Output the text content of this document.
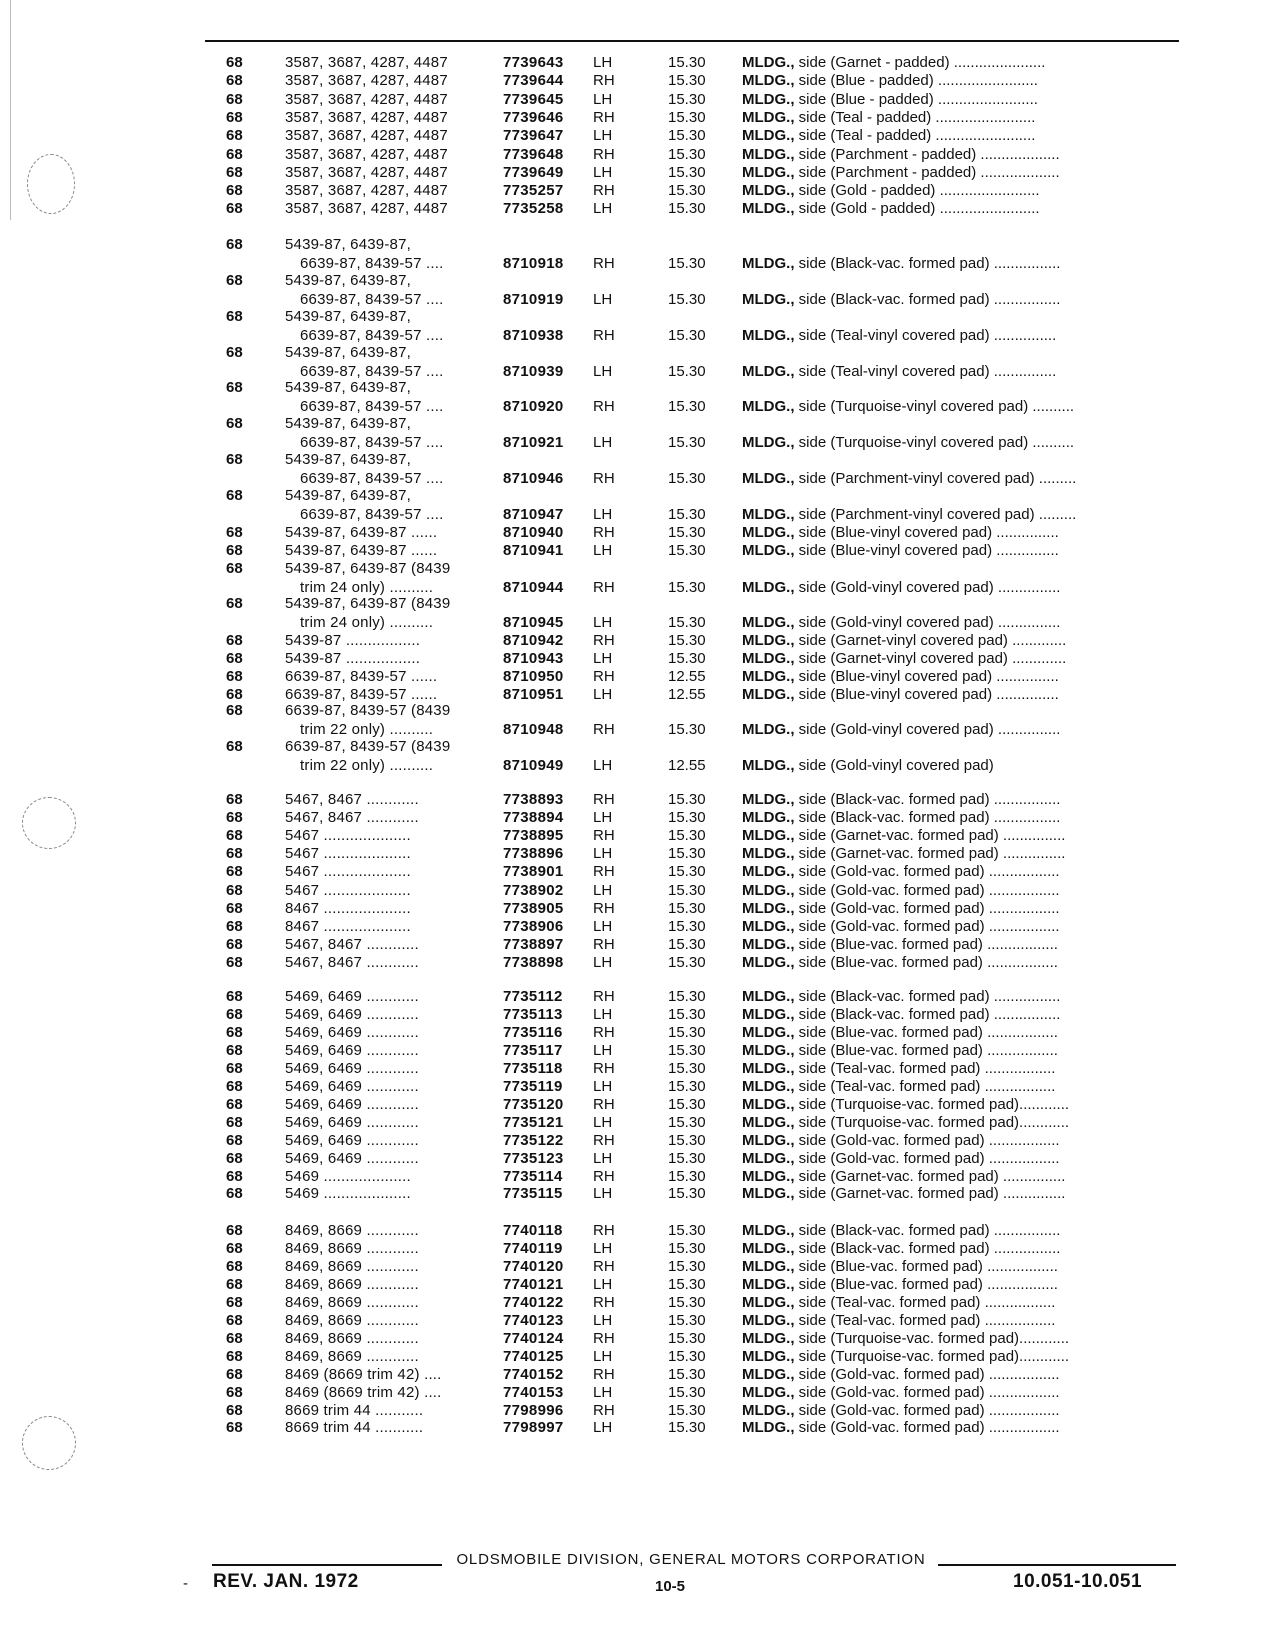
68	3587, 3687, 4287, 4487	7739643	LH	15.30	MLDG., side (Garnet - padded) ......................
68	3587, 3687, 4287, 4487	7739644	RH	15.30	MLDG., side (Blue - padded) ........................
68	3587, 3687, 4287, 4487	7739645	LH	15.30	MLDG., side (Blue - padded) ........................
68	3587, 3687, 4287, 4487	7739646	RH	15.30	MLDG., side (Teal - padded) ........................
68	3587, 3687, 4287, 4487	7739647	LH	15.30	MLDG., side (Teal - padded) ........................
68	3587, 3687, 4287, 4487	7739648	RH	15.30	MLDG., side (Parchment - padded) ...................
68	3587, 3687, 4287, 4487	7739649	LH	15.30	MLDG., side (Parchment - padded) ...................
68	3587, 3687, 4287, 4487	7735257	RH	15.30	MLDG., side (Gold - padded) ........................
68	3587, 3687, 4287, 4487	7735258	LH	15.30	MLDG., side (Gold - padded) ........................
68	5439-87, 6439-87,
6639-87, 8439-57 ....	8710918	RH	15.30	MLDG., side (Black-vac. formed pad) ................
68	5439-87, 6439-87,
6639-87, 8439-57 ....	8710919	LH	15.30	MLDG., side (Black-vac. formed pad) ................
68	5439-87, 6439-87,
6639-87, 8439-57 ....	8710938	RH	15.30	MLDG., side (Teal-vinyl covered pad) ...............
68	5439-87, 6439-87,
6639-87, 8439-57 ....	8710939	LH	15.30	MLDG., side (Teal-vinyl covered pad) ...............
68	5439-87, 6439-87,
6639-87, 8439-57 ....	8710920	RH	15.30	MLDG., side (Turquoise-vinyl covered pad) ..........
68	5439-87, 6439-87,
6639-87, 8439-57 ....	8710921	LH	15.30	MLDG., side (Turquoise-vinyl covered pad) ..........
68	5439-87, 6439-87,
6639-87, 8439-57 ....	8710946	RH	15.30	MLDG., side (Parchment-vinyl covered pad) .........
68	5439-87, 6439-87,
6639-87, 8439-57 ....	8710947	LH	15.30	MLDG., side (Parchment-vinyl covered pad) .........
68	5439-87, 6439-87 ......	8710940	RH	15.30	MLDG., side (Blue-vinyl covered pad) ...............
68	5439-87, 6439-87 ......	8710941	LH	15.30	MLDG., side (Blue-vinyl covered pad) ...............
68	5439-87, 6439-87 (8439
trim 24 only) ..........	8710944	RH	15.30	MLDG., side (Gold-vinyl covered pad) ...............
68	5439-87, 6439-87 (8439
trim 24 only) ..........	8710945	LH	15.30	MLDG., side (Gold-vinyl covered pad) ...............
68	5439-87 .................	8710942	RH	15.30	MLDG., side (Garnet-vinyl covered pad) .............
68	5439-87 .................	8710943	LH	15.30	MLDG., side (Garnet-vinyl covered pad) .............
68	6639-87, 8439-57 ......	8710950	RH	12.55	MLDG., side (Blue-vinyl covered pad) ...............
68	6639-87, 8439-57 ......	8710951	LH	12.55	MLDG., side (Blue-vinyl covered pad) ...............
68	6639-87, 8439-57 (8439
trim 22 only) ..........	8710948	RH	15.30	MLDG., side (Gold-vinyl covered pad) ...............
68	6639-87, 8439-57 (8439
trim 22 only) ..........	8710949	LH	12.55	MLDG., side (Gold-vinyl covered pad)
68	5467, 8467 ............	7738893	RH	15.30	MLDG., side (Black-vac. formed pad) ................
68	5467, 8467 ............	7738894	LH	15.30	MLDG., side (Black-vac. formed pad) ................
68	5467 ....................	7738895	RH	15.30	MLDG., side (Garnet-vac. formed pad) ...............
68	5467 ....................	7738896	LH	15.30	MLDG., side (Garnet-vac. formed pad) ...............
68	5467 ....................	7738901	RH	15.30	MLDG., side (Gold-vac. formed pad) .................
68	5467 ....................	7738902	LH	15.30	MLDG., side (Gold-vac. formed pad) .................
68	8467 ....................	7738905	RH	15.30	MLDG., side (Gold-vac. formed pad) .................
68	8467 ....................	7738906	LH	15.30	MLDG., side (Gold-vac. formed pad) .................
68	5467, 8467 ............	7738897	RH	15.30	MLDG., side (Blue-vac. formed pad) .................
68	5467, 8467 ............	7738898	LH	15.30	MLDG., side (Blue-vac. formed pad) .................
68	5469, 6469 ............	7735112	RH	15.30	MLDG., side (Black-vac. formed pad) ................
68	5469, 6469 ............	7735113	LH	15.30	MLDG., side (Black-vac. formed pad) ................
68	5469, 6469 ............	7735116	RH	15.30	MLDG., side (Blue-vac. formed pad) .................
68	5469, 6469 ............	7735117	LH	15.30	MLDG., side (Blue-vac. formed pad) .................
68	5469, 6469 ............	7735118	RH	15.30	MLDG., side (Teal-vac. formed pad) .................
68	5469, 6469 ............	7735119	LH	15.30	MLDG., side (Teal-vac. formed pad) .................
68	5469, 6469 ............	7735120	RH	15.30	MLDG., side (Turquoise-vac. formed pad)............
68	5469, 6469 ............	7735121	LH	15.30	MLDG., side (Turquoise-vac. formed pad)............
68	5469, 6469 ............	7735122	RH	15.30	MLDG., side (Gold-vac. formed pad) .................
68	5469, 6469 ............	7735123	LH	15.30	MLDG., side (Gold-vac. formed pad) .................
68	5469 ....................	7735114	RH	15.30	MLDG., side (Garnet-vac. formed pad) ...............
68	5469 ....................	7735115	LH	15.30	MLDG., side (Garnet-vac. formed pad) ...............
68	8469, 8669 ............	7740118	RH	15.30	MLDG., side (Black-vac. formed pad) ................
68	8469, 8669 ............	7740119	LH	15.30	MLDG., side (Black-vac. formed pad) ................
68	8469, 8669 ............	7740120	RH	15.30	MLDG., side (Blue-vac. formed pad) .................
68	8469, 8669 ............	7740121	LH	15.30	MLDG., side (Blue-vac. formed pad) .................
68	8469, 8669 ............	7740122	RH	15.30	MLDG., side (Teal-vac. formed pad) .................
68	8469, 8669 ............	7740123	LH	15.30	MLDG., side (Teal-vac. formed pad) .................
68	8469, 8669 ............	7740124	RH	15.30	MLDG., side (Turquoise-vac. formed pad)............
68	8469, 8669 ............	7740125	LH	15.30	MLDG., side (Turquoise-vac. formed pad)............
68	8469 (8669 trim 42) ....	7740152	RH	15.30	MLDG., side (Gold-vac. formed pad) .................
68	8469 (8669 trim 42) ....	7740153	LH	15.30	MLDG., side (Gold-vac. formed pad) .................
68	8669 trim 44 ...........	7798996	RH	15.30	MLDG., side (Gold-vac. formed pad) .................
68	8669 trim 44 ...........	7798997	LH	15.30	MLDG., side (Gold-vac. formed pad) .................
OLDSMOBILE DIVISION, GENERAL MOTORS CORPORATION
- REV. JAN. 1972	10-5	10.051-10.051
